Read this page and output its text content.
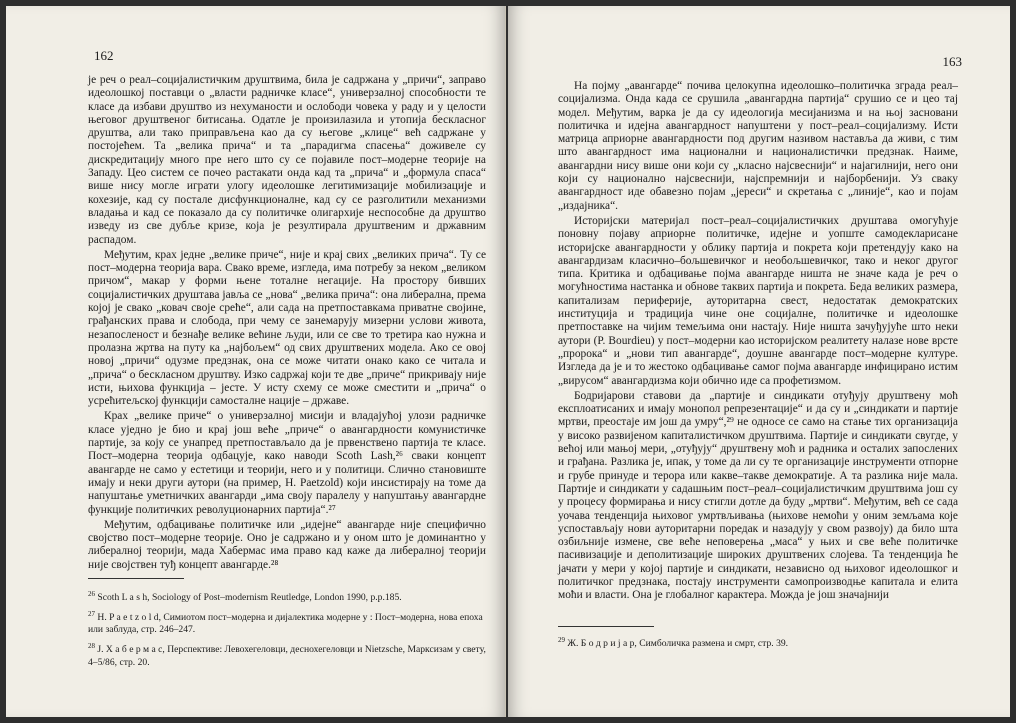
162

је реч о реал–социјалистичким друштвима, била је садржана у „причи“, заправо идеолошкој поставци о „власти радничке класе“, универзалној способности те класе да избави друштво из нехуманости и ослободи човека у раду и у целости његовог друштвеног битисања. Одатле је произилазила и утопија бескласног друштва, али тако приправљена као да су његове „клице“ већ садржане у постојећем. Та „велика прича“ и та „парадигма спасења“ доживеле су дискредитацију много пре него што су се појавиле пост–модерне теорије на Западу. Цео систем се почео растакати онда кад та „прича“ и „формула спаса“ више нису могле играти улогу идеолошке легитимизације мобилизације и кохезије, кад су постале дисфункционалне, кад су се разголитили механизми владања и кад се показало да су политичке олигархије неспособне да друштво изведу из све дубље кризе, која је резултирала друштвеним и државним распадом.

Међутим, крах једне „велике приче“, није и крај свих „великих прича“. Ту се пост–модерна теорија вара. Свако време, изгледа, има потребу за неком „великом причом“, макар у форми њене тоталне негације. На простору бивших социјалистичких друштава јавља се „нова“ „велика прича“: она либерална, према којој је свако „ковач своје среће“, али сада на претпоставкама приватне својине, грађанских права и слобода, при чему се занемарују мизерни услови живота, незапосленост и безнађе велике већине људи, или се све то третира као нужна и пролазна жртва на путу ка „најбољем“ од свих друштвених модела. Ако се овој новој „причи“ одузме предзнак, она се може читати онако како се читала и „прича“ о бескласном друштву. Изко садржај који те две „приче“ прикривају није исти, њихова функција – јесте. У исту схему се може сместити и „прича“ о усрећитељској функцији самосталне нације – државе.

Крах „велике приче“ о универзалној мисији и владајућој улози радничке класе уједно је био и крај још веће „приче“ о авангардности комунистичке партије, за коју се унапред претпостављало да је првенствено партија те класе. Пост–модерна теорија одбацује, како наводи Scoth Lash,²⁶ сваки концепт авангарде не само у естетици и теорији, него и у политици. Слично становиште имају и неки други аутори (на пример, H. Paetzold) који инсистирају на томе да напуштање уметничких авангарди „има своју паралелу у напуштању авангардне функције политичких револуционарних партија“.²⁷

Међутим, одбацивање политичке или „идејне“ авангарде није специфично својство пост–модерне теорије. Оно је садржано и у оном што је доминантно у либералној теорији, мада Хабермас има право кад каже да либералној теорији није својствен туђ концепт авангарде.²⁸

$^{26}$ Scoth L a s h, Sociology of Post–modernism Reutledge, London 1990, p.p.185.
$^{27}$ H. P a e t z o l d, Симиотом пост–модерна и дијалектика модерне у : Пост–модерна, нова епоха или заблуда, стр. 246–247.
$^{28}$ J. Х а б е р м а с, Перспективе: Левохегеловци, деснохегеловци и Nietzsche, Марксизам у свету, 4–5/86, стр. 20.
163

На појму „авангарде“ почива целокупна идеолошко–политичка зграда реал–социјализма. Онда када се срушила „авангардна партија“ срушио се и цео тај модел. Међутим, варка је да су идеологија месијанизма и на њој засновани политичка и идејна авангардност напуштени у пост–реал–социјализму. Исти матрица априорне авангардности под другим називом наставља да живи, с тим што авангардност има национални и националистички предзнак. Наиме, авангардни нису више они који су „класно најсвеснији“ и најагилнији, него они који су национално најсвеснији, најспремнији и најборбенији. Уз сваку авангардност иде обавезно појам „јереси“ и скретања с „линије“, као и појам „издајника“.

Историјски материјал пост–реал–социјалистичких друштава омогућује поновну појаву априорне политичке, идејне и уопште самодекларисане историјске авангардности у облику партија и покрета који претендују како на авангардизам класично–бољшевичког и необољшевичког, тако и неког другог типа. Критика и одбацивање појма авангарде ништа не значе када је реч о могућностима настанка и обнове таквих партија и покрета. Беда великих размера, капитализам периферије, ауторитарна свест, недостатак демократских институција и традиција чине оне социјалне, политичке и идеолошке претпоставке на чијим темељима они настају. Није ништа зачуђујуће што неки аутори (P. Bourdieu) у пост–модерни као историјском реалитету налазе нове врсте „пророка“ и „нови тип авангарде“, доушне авангарде пост–модерне културе. Изгледа да је и то жестоко одбацивање самог појма авангарде инфицирано истим „вирусом“ авангардизма који обично иде са профетизмом.

Бодријарови ставови да „партије и синдикати отуђују друштвену моћ експлоатисаних и имају монопол репрезентације“ и да су и „синдикати и партије мртви, преостаје им још да умру“,²⁹ не односе се само на стање тих организација у високо развијеном капиталистичком друштвима. Партије и синдикати свугде, у већој или мањој мери, „отуђују“ друштвену моћ и радника и осталих запослених и грађана. Разлика је, ипак, у томе да ли су те организације инструменти отпорне и грубе принуде и терора или какве–такве демократије. А та разлика није мала. Партије и синдикати у садашњим пост–реал–социјалистичким друштвима још су у процесу формирања и нису стигли дотле да буду „мртви“. Међутим, већ се сада уочава тенденција њиховог умртвљивања (њихове немоћи у оним земљама које успостављају нови ауторитарни поредак и назадују у свом развоју) да било шта озбиљније измене, све веће неповерења „маса“ у њих и све веће политичке пасивизације и деполитизације широких друштвених слојева. Та тенденција ће јачати у мери у којој партије и синдикати, независно од њиховог идеолошког и политичког предзнака, постају инструменти самопроизводње капитала и елита моћи и власти. Она је глобалног карактера. Можда је још значајнији

$^{29}$ Ж. Б о д р и ј а р, Симболичка размена и смрт, стр. 39.
